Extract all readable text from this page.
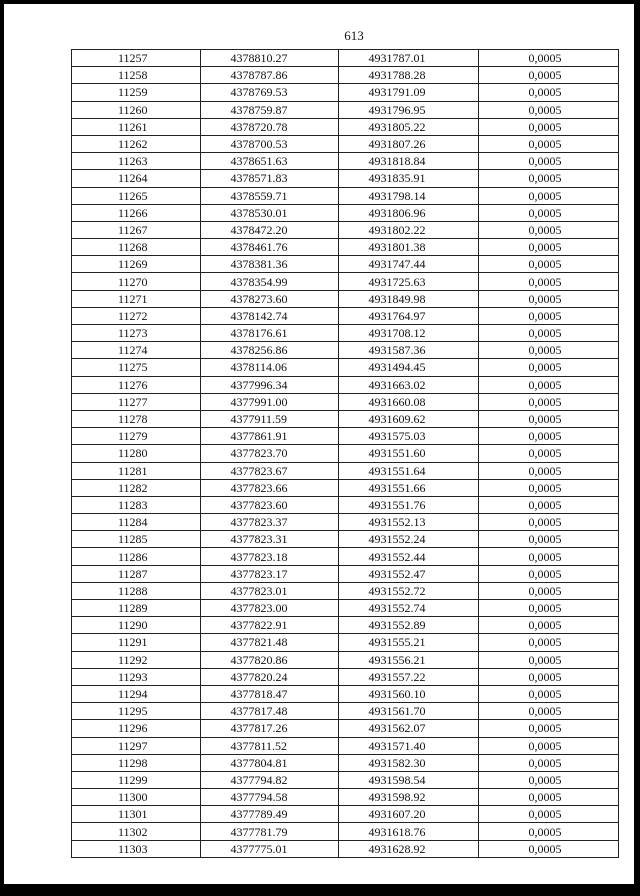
613
11257	4378810.27	4931787.01	0,0005
11258	4378787.86	4931788.28	0,0005
11259	4378769.53	4931791.09	0,0005
11260	4378759.87	4931796.95	0,0005
11261	4378720.78	4931805.22	0,0005
11262	4378700.53	4931807.26	0,0005
11263	4378651.63	4931818.84	0,0005
11264	4378571.83	4931835.91	0,0005
11265	4378559.71	4931798.14	0,0005
11266	4378530.01	4931806.96	0,0005
11267	4378472.20	4931802.22	0,0005
11268	4378461.76	4931801.38	0,0005
11269	4378381.36	4931747.44	0,0005
11270	4378354.99	4931725.63	0,0005
11271	4378273.60	4931849.98	0,0005
11272	4378142.74	4931764.97	0,0005
11273	4378176.61	4931708.12	0,0005
11274	4378256.86	4931587.36	0,0005
11275	4378114.06	4931494.45	0,0005
11276	4377996.34	4931663.02	0,0005
11277	4377991.00	4931660.08	0,0005
11278	4377911.59	4931609.62	0,0005
11279	4377861.91	4931575.03	0,0005
11280	4377823.70	4931551.60	0,0005
11281	4377823.67	4931551.64	0,0005
11282	4377823.66	4931551.66	0,0005
11283	4377823.60	4931551.76	0,0005
11284	4377823.37	4931552.13	0,0005
11285	4377823.31	4931552.24	0,0005
11286	4377823.18	4931552.44	0,0005
11287	4377823.17	4931552.47	0,0005
11288	4377823.01	4931552.72	0,0005
11289	4377823.00	4931552.74	0,0005
11290	4377822.91	4931552.89	0,0005
11291	4377821.48	4931555.21	0,0005
11292	4377820.86	4931556.21	0,0005
11293	4377820.24	4931557.22	0,0005
11294	4377818.47	4931560.10	0,0005
11295	4377817.48	4931561.70	0,0005
11296	4377817.26	4931562.07	0,0005
11297	4377811.52	4931571.40	0,0005
11298	4377804.81	4931582.30	0,0005
11299	4377794.82	4931598.54	0,0005
11300	4377794.58	4931598.92	0,0005
11301	4377789.49	4931607.20	0,0005
11302	4377781.79	4931618.76	0,0005
11303	4377775.01	4931628.92	0,0005
